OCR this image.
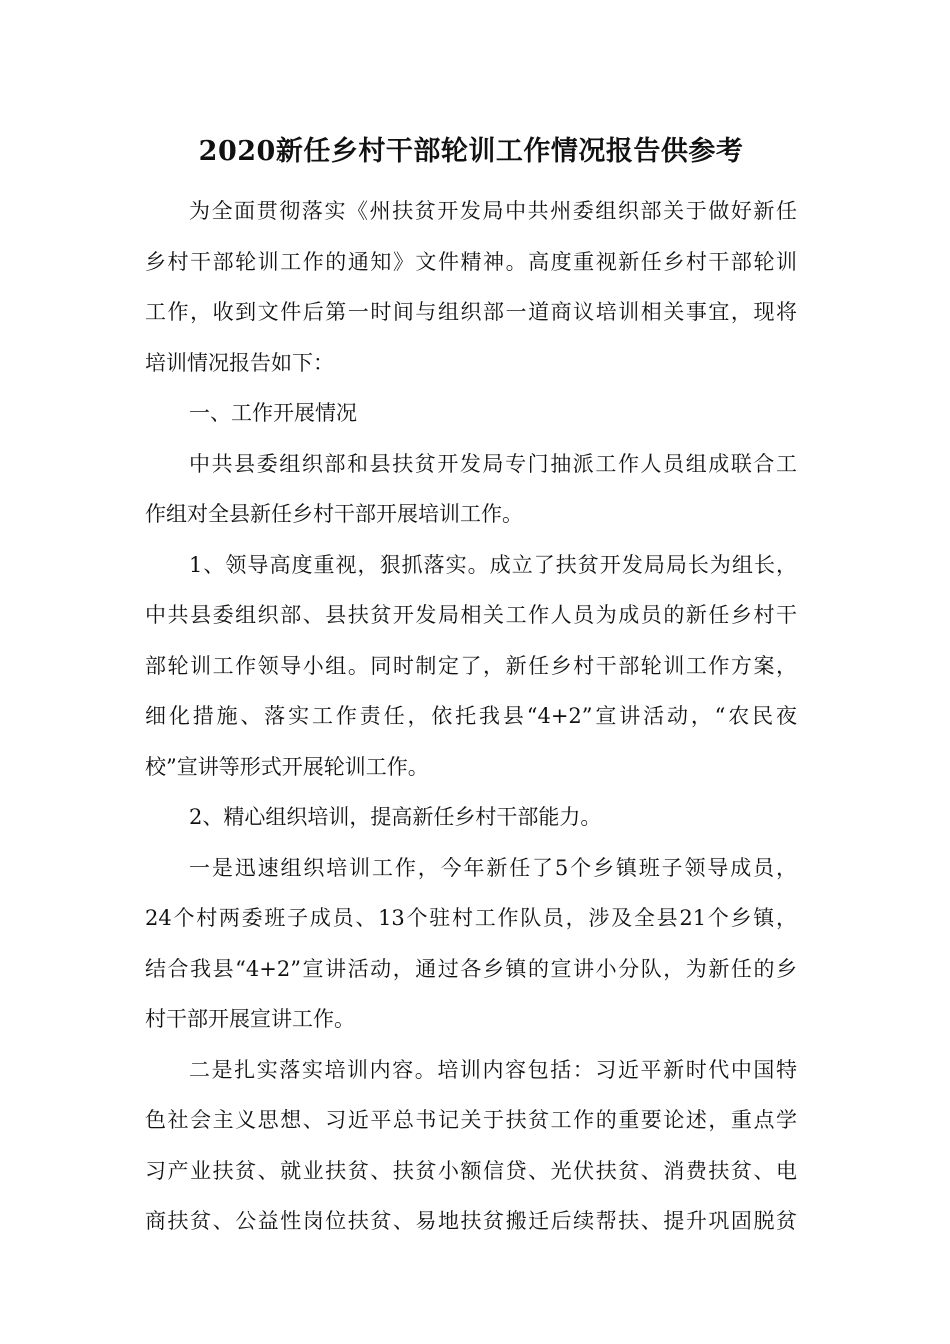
2020新任乡村干部轮训工作情况报告供参考
为全面贯彻落实《州扶贫开发局中共州委组织部关于做好新任
乡村干部轮训工作的通知》文件精神。高度重视新任乡村干部轮训
工作，收到文件后第一时间与组织部一道商议培训相关事宜，现将
培训情况报告如下：
一、工作开展情况
中共县委组织部和县扶贫开发局专门抽派工作人员组成联合工
作组对全县新任乡村干部开展培训工作。
1、领导高度重视，狠抓落实。成立了扶贫开发局局长为组长，
中共县委组织部、县扶贫开发局相关工作人员为成员的新任乡村干
部轮训工作领导小组。同时制定了，新任乡村干部轮训工作方案，
细化措施、落实工作责任，依托我县“4+2”宣讲活动，“农民夜
校”宣讲等形式开展轮训工作。
2、精心组织培训，提高新任乡村干部能力。
一是迅速组织培训工作，今年新任了5个乡镇班子领导成员，
24个村两委班子成员、13个驻村工作队员，涉及全县21个乡镇，
结合我县“4+2”宣讲活动，通过各乡镇的宣讲小分队，为新任的乡
村干部开展宣讲工作。
二是扎实落实培训内容。培训内容包括：习近平新时代中国特
色社会主义思想、习近平总书记关于扶贫工作的重要论述，重点学
习产业扶贫、就业扶贫、扶贫小额信贷、光伏扶贫、消费扶贫、电
商扶贫、公益性岗位扶贫、易地扶贫搬迁后续帮扶、提升巩固脱贫
